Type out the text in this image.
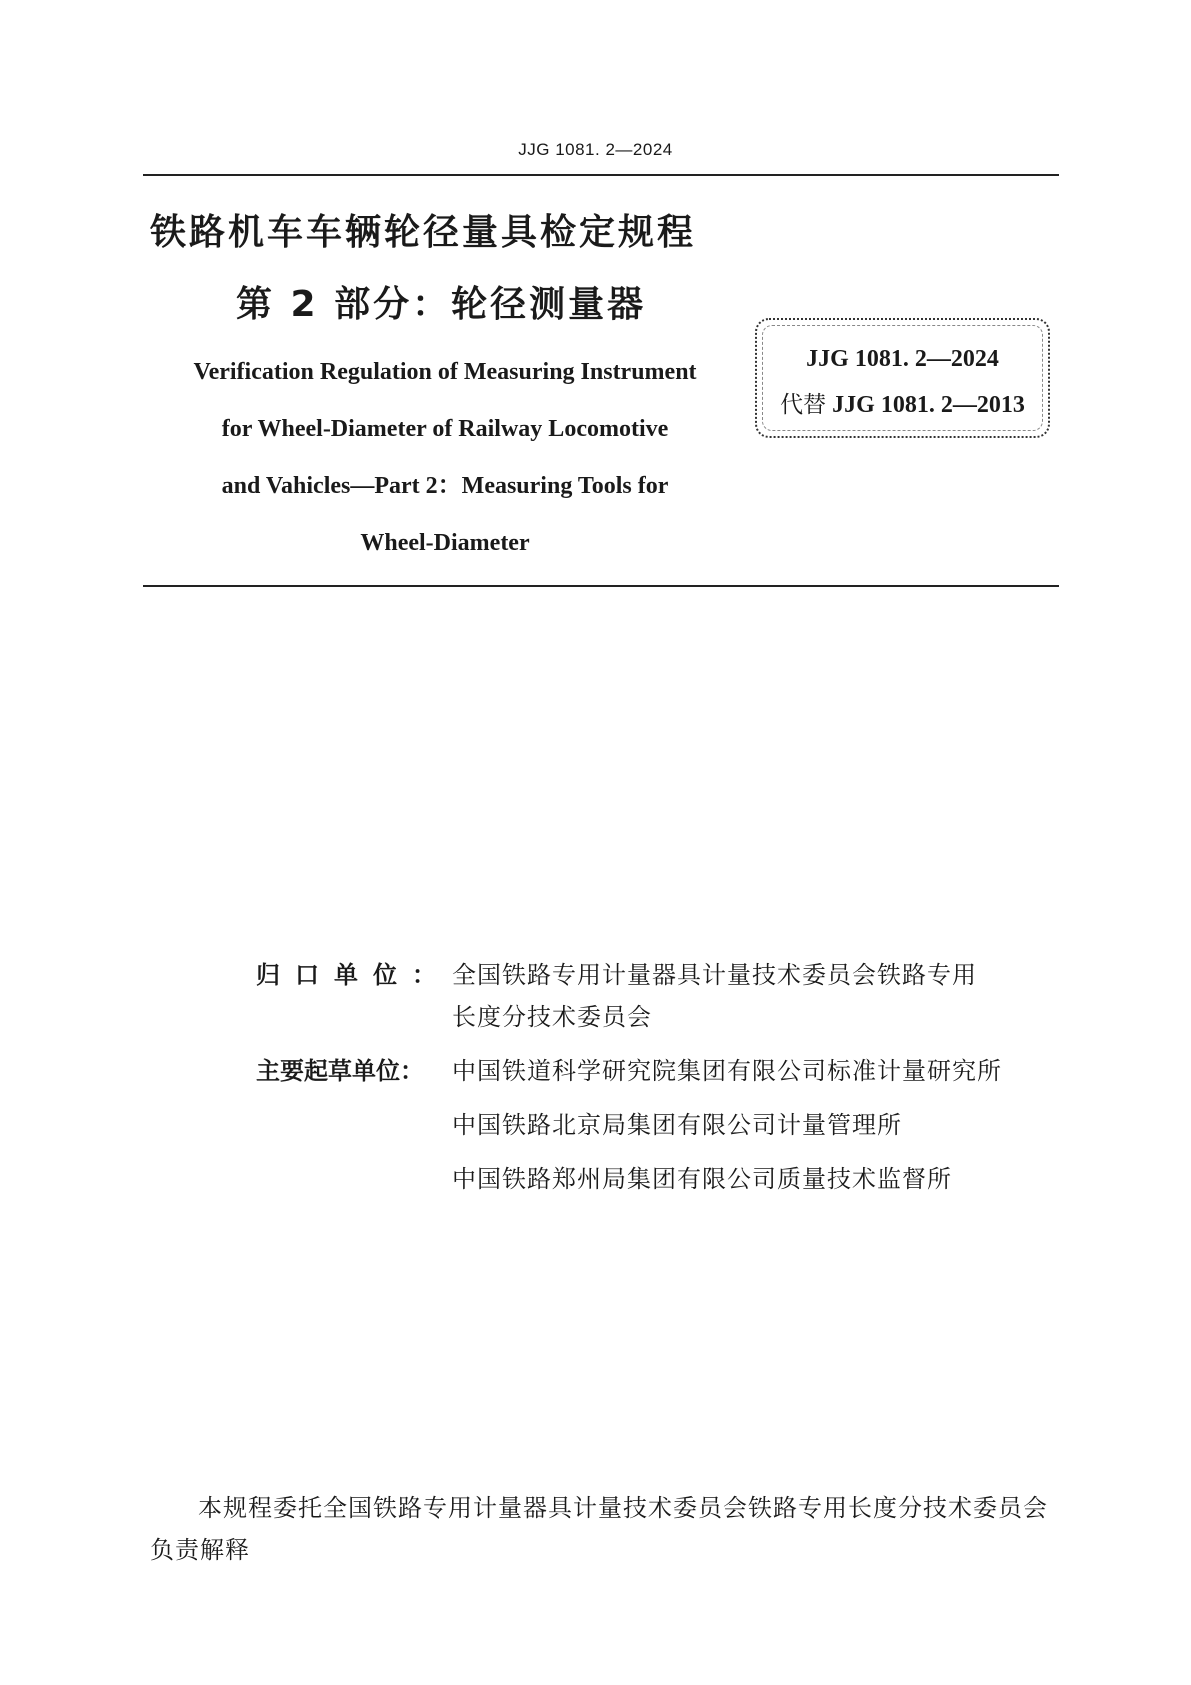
JJG 1081. 2—2024
铁路机车车辆轮径量具检定规程
第 2 部分：轮径测量器
Verification Regulation of Measuring Instrument
for Wheel-Diameter of Railway Locomotive
and Vahicles—Part 2：Measuring Tools for
Wheel-Diameter
JJG 1081. 2—2024
代替 JJG 1081. 2—2013
归口单位： 全国铁路专用计量器具计量技术委员会铁路专用
长度分技术委员会
主要起草单位：	中国铁道科学研究院集团有限公司标准计量研究所
中国铁路北京局集团有限公司计量管理所
中国铁路郑州局集团有限公司质量技术监督所
本规程委托全国铁路专用计量器具计量技术委员会铁路专用长度分技术委员会负责解释
